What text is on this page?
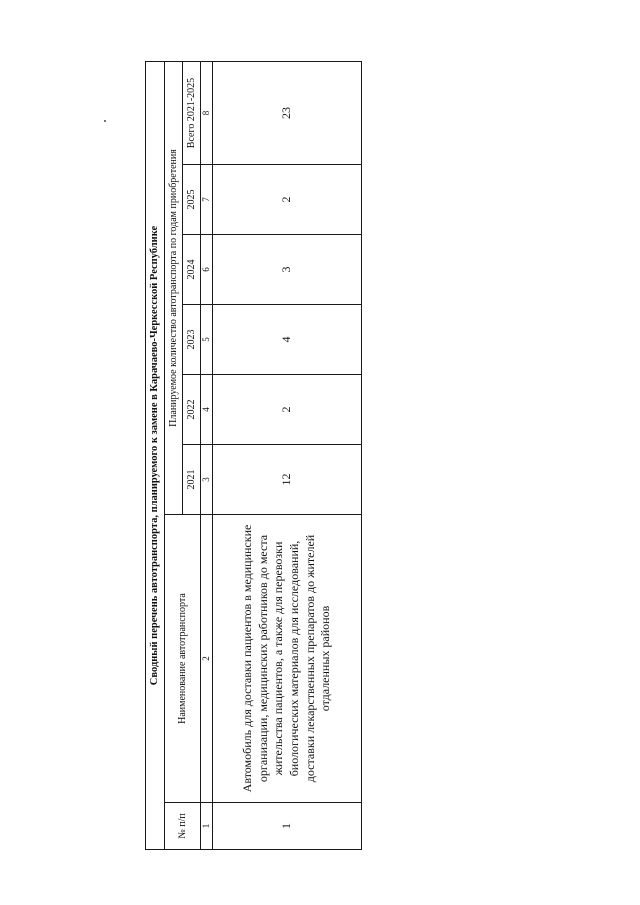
Сводный перечень автотранспорта, планируемого к замене в Карачаево-Черкесской Республике							
№ п/п	Наименование автотранспорта	Планируемое количество автотранспорта по годам приобретения					
		2021	2022	2023	2024	2025	Всего 2021-2025
1	2	3	4	5	6	7	8
1	Автомобиль для доставки пациентов в медицинские организации, медицинских работников до места жительства пациентов, а также для перевозки биологических материалов для исследований, доставки лекарственных препаратов до жителей отдаленных районов	12	2	4	3	2	23
